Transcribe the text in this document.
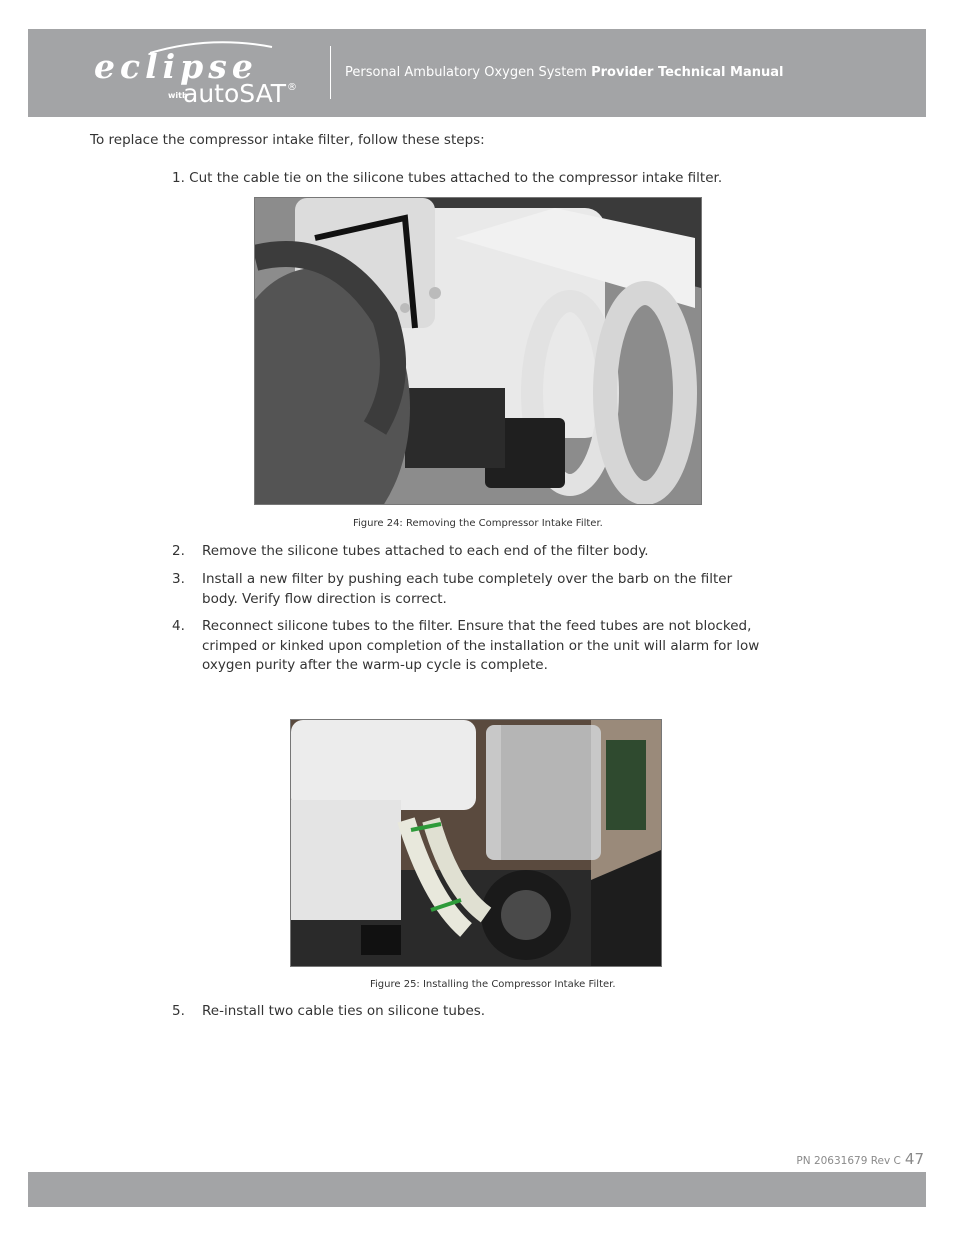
eclipse
with
autoSAT®
Personal Ambulatory Oxygen System Provider Technical Manual
To replace the compressor intake filter, follow these steps:
1. Cut the cable tie on the silicone tubes attached to the compressor intake filter.
Figure 24: Removing the Compressor Intake Filter.
2.	Remove the silicone tubes attached to each end of the filter body.
3.	Install a new filter by pushing each tube completely over the barb on the filter body. Verify flow direction is correct.
4.	Reconnect silicone tubes to the filter. Ensure that the feed tubes are not blocked, crimped or kinked upon completion of the installation or the unit will alarm for low oxygen purity after the warm-up cycle is complete.
Figure 25: Installing the Compressor Intake Filter.
5.	Re-install two cable ties on silicone tubes.
PN 20631679 Rev C 47
